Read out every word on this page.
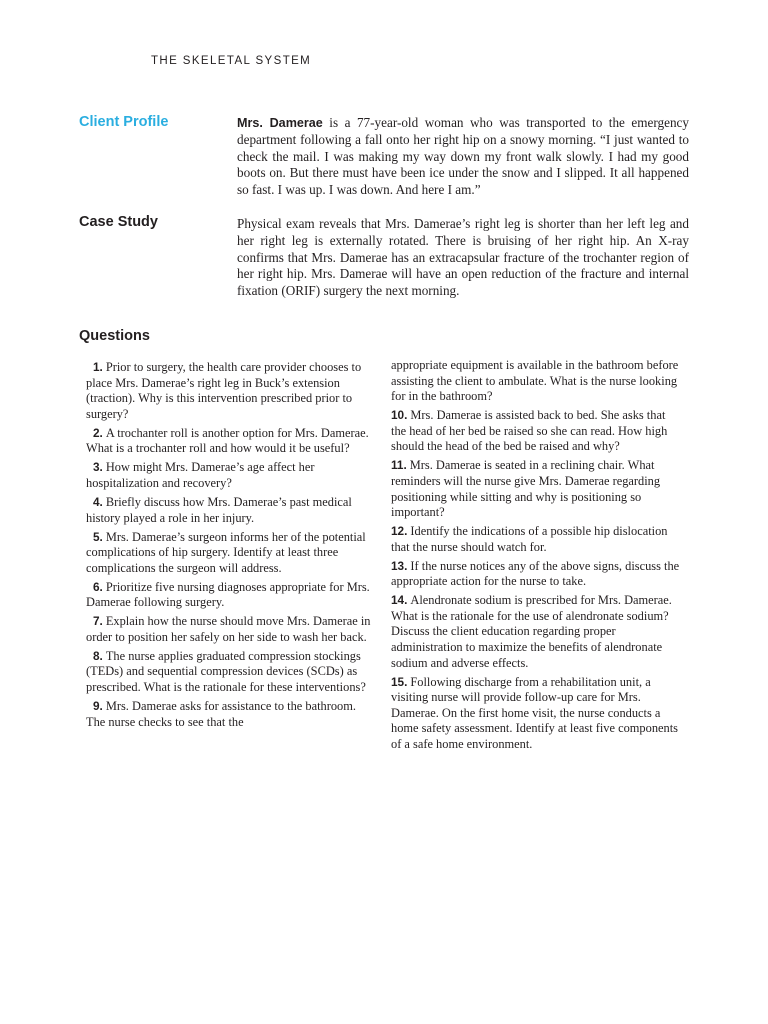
THE SKELETAL SYSTEM
Client Profile	Mrs. Damerae is a 77-year-old woman who was transported to the emergency department following a fall onto her right hip on a snowy morning. “I just wanted to check the mail. I was making my way down my front walk slowly. I had my good boots on. But there must have been ice under the snow and I slipped. It all happened so fast. I was up. I was down. And here I am.”
Case Study	Physical exam reveals that Mrs. Damerae’s right leg is shorter than her left leg and her right leg is externally rotated. There is bruising of her right hip. An X-ray confirms that Mrs. Damerae has an extracapsular fracture of the trochanter region of her right hip. Mrs. Damerae will have an open reduction of the fracture and internal fixation (ORIF) surgery the next morning.
Questions

1. Prior to surgery, the health care provider chooses to place Mrs. Damerae’s right leg in Buck’s extension (traction). Why is this intervention prescribed prior to surgery?

2. A trochanter roll is another option for Mrs. Damerae. What is a trochanter roll and how would it be useful?

3. How might Mrs. Damerae’s age affect her hospitalization and recovery?

4. Briefly discuss how Mrs. Damerae’s past medical history played a role in her injury.

5. Mrs. Damerae’s surgeon informs her of the potential complications of hip surgery. Identify at least three complications the surgeon will address.

6. Prioritize five nursing diagnoses appropriate for Mrs. Damerae following surgery.

7. Explain how the nurse should move Mrs. Damerae in order to position her safely on her side to wash her back.

8. The nurse applies graduated compression stockings (TEDs) and sequential compression devices (SCDs) as prescribed. What is the rationale for these interventions?

9. Mrs. Damerae asks for assistance to the bathroom. The nurse checks to see that the

appropriate equipment is available in the bathroom before assisting the client to ambulate. What is the nurse looking for in the bathroom?

10. Mrs. Damerae is assisted back to bed. She asks that the head of her bed be raised so she can read. How high should the head of the bed be raised and why?

11. Mrs. Damerae is seated in a reclining chair. What reminders will the nurse give Mrs. Damerae regarding positioning while sitting and why is positioning so important?

12. Identify the indications of a possible hip dislocation that the nurse should watch for.

13. If the nurse notices any of the above signs, discuss the appropriate action for the nurse to take.

14. Alendronate sodium is prescribed for Mrs. Damerae. What is the rationale for the use of alendronate sodium? Discuss the client education regarding proper administration to maximize the benefits of alendronate sodium and adverse effects.

15. Following discharge from a rehabilitation unit, a visiting nurse will provide follow-up care for Mrs. Damerae. On the first home visit, the nurse conducts a home safety assessment. Identify at least five components of a safe home environment.
